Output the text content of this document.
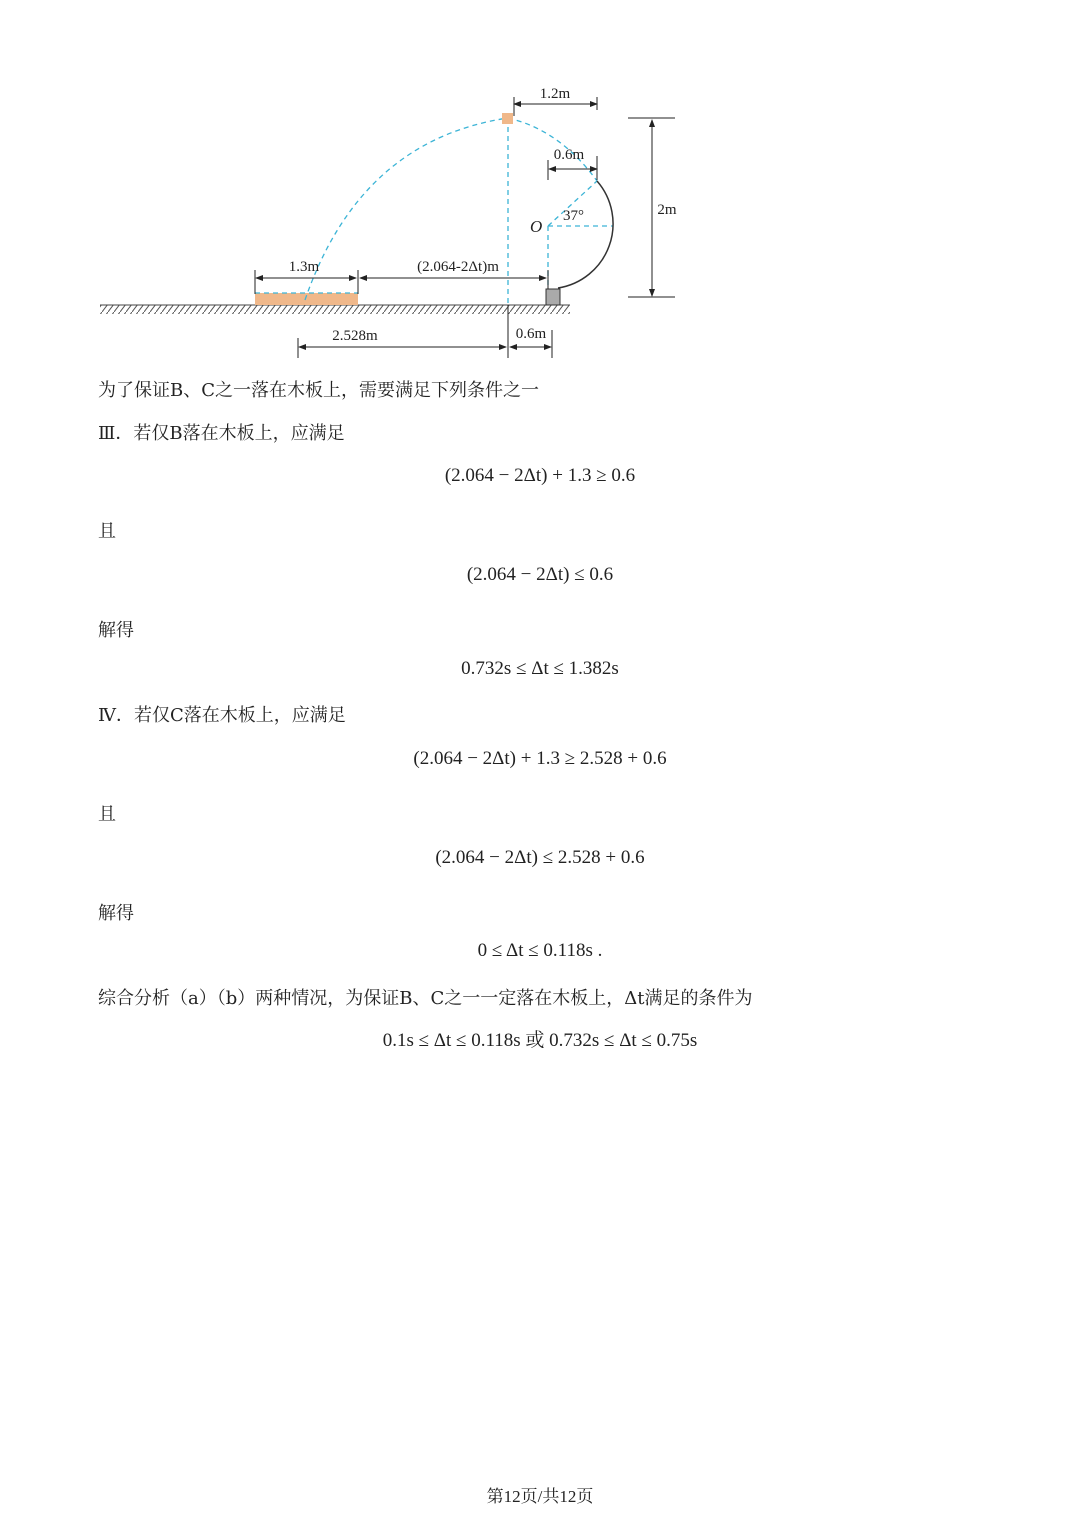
1.2m
0.6m
2m
37°
O
1.3m	(2.064-2Δt)m
2.528m	0.6m
为了保证B、C之一落在木板上，需要满足下列条件之一
Ⅲ．若仅B落在木板上，应满足
(2.064 − 2Δt) + 1.3 ≥ 0.6
且
(2.064 − 2Δt) ≤ 0.6
解得
0.732s ≤ Δt ≤ 1.382s
Ⅳ．若仅C落在木板上，应满足
(2.064 − 2Δt) + 1.3 ≥ 2.528 + 0.6
且
(2.064 − 2Δt) ≤ 2.528 + 0.6
解得
0 ≤ Δt ≤ 0.118s .
综合分析（a）（b）两种情况，为保证B、C之一一定落在木板上，Δt满足的条件为
0.1s ≤ Δt ≤ 0.118s 或 0.732s ≤ Δt ≤ 0.75s
第12页/共12页
